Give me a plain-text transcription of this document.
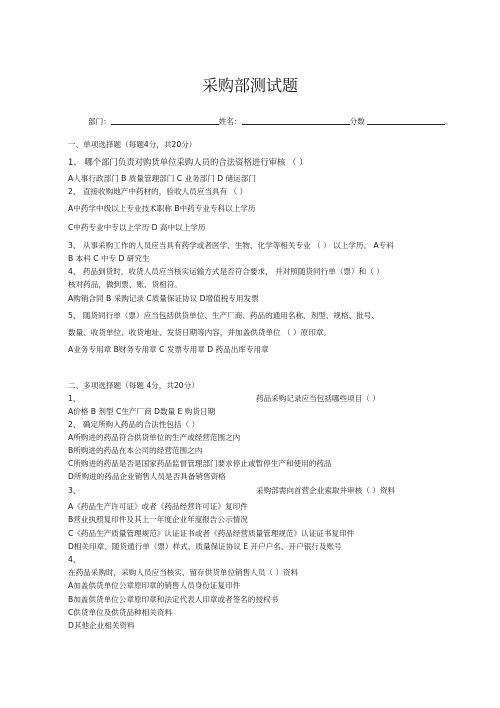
采购部测试题
部门：	姓名：	分数	。
一、单项选择题（每题4分，共20分）
1、 哪个部门负责对购货单位采购人员的合法资格进行审核 （ ）
A人事行政部门 B 质量管理部门 C 业务部门 D 储运部门
2、 直接收购地产中药材的，验收人员应当具有 （ ）
A中药学中级以上专业技术职称 B中药专业专科以上学历
C中药专业中专以上学历 D 高中以上学历
3、 从事采购工作的人员应当具有药学或者医学、生物、化学等相关专业 （ ） 以上学历。 A专科
B 本科 C 中专 D 研究生
4、 药品到货时，收货人员应当核实运输方式是否符合要求， 并对照随货同行单（票）和（ ）
核对药品，做到票、账、货相符。
A购销合同 B 采购记录 C质量保证协议 D增值税专用发票
5、 随货同行单（票）应当包括供货单位、生产厂商、药品的通用名称、剂型、规格、批号、
数量、收货单位、收货地址、发货日期等内容，并加盖供货单位 （ ）原印章。
A业务专用章 B财务专用章 C 发票专用章 D 药品出库专用章
二、多项选择题（每题 4分，共20分）
1、	药品采购记录应当包括哪些项目（ ）
A价格 B 剂型 C生产厂商 D数量 E 购货日期
2、 确定所购入药品的合法性包括（ ）
A所购进的药品符合供货单位的生产或经营范围之内
B所购进的药品在本公司的经营范围之内
C所购进的药品是否是国家药品监督管理部门要求停止或暂停生产和使用的药品
D所购进的药品企业销售人员是否具备销售资格
3、	采购部需向首营企业索取并审核（ ）资料
A《药品生产许可证》或者《药品经营许可证》复印件
B营业执照复印件及其上一年度企业年度报告公示情况
C《药品生产质量管理规范》认证证书或者《药品经营质量管理规范》认证证书复印件
D相关印章、随货通行单（票）样式、质量保证协议 E 开户户名、开户银行及账号
4、
在药品采购时，采购人员应当核实、留存供货单位销售人员（ ）资料
A加盖供货单位公章原印章的销售人员身份证复印件
B加盖供货单位公章原印章和法定代表人印章或者签名的授权书
C供货单位及供货品种相关资料
D其他企业相关资料
